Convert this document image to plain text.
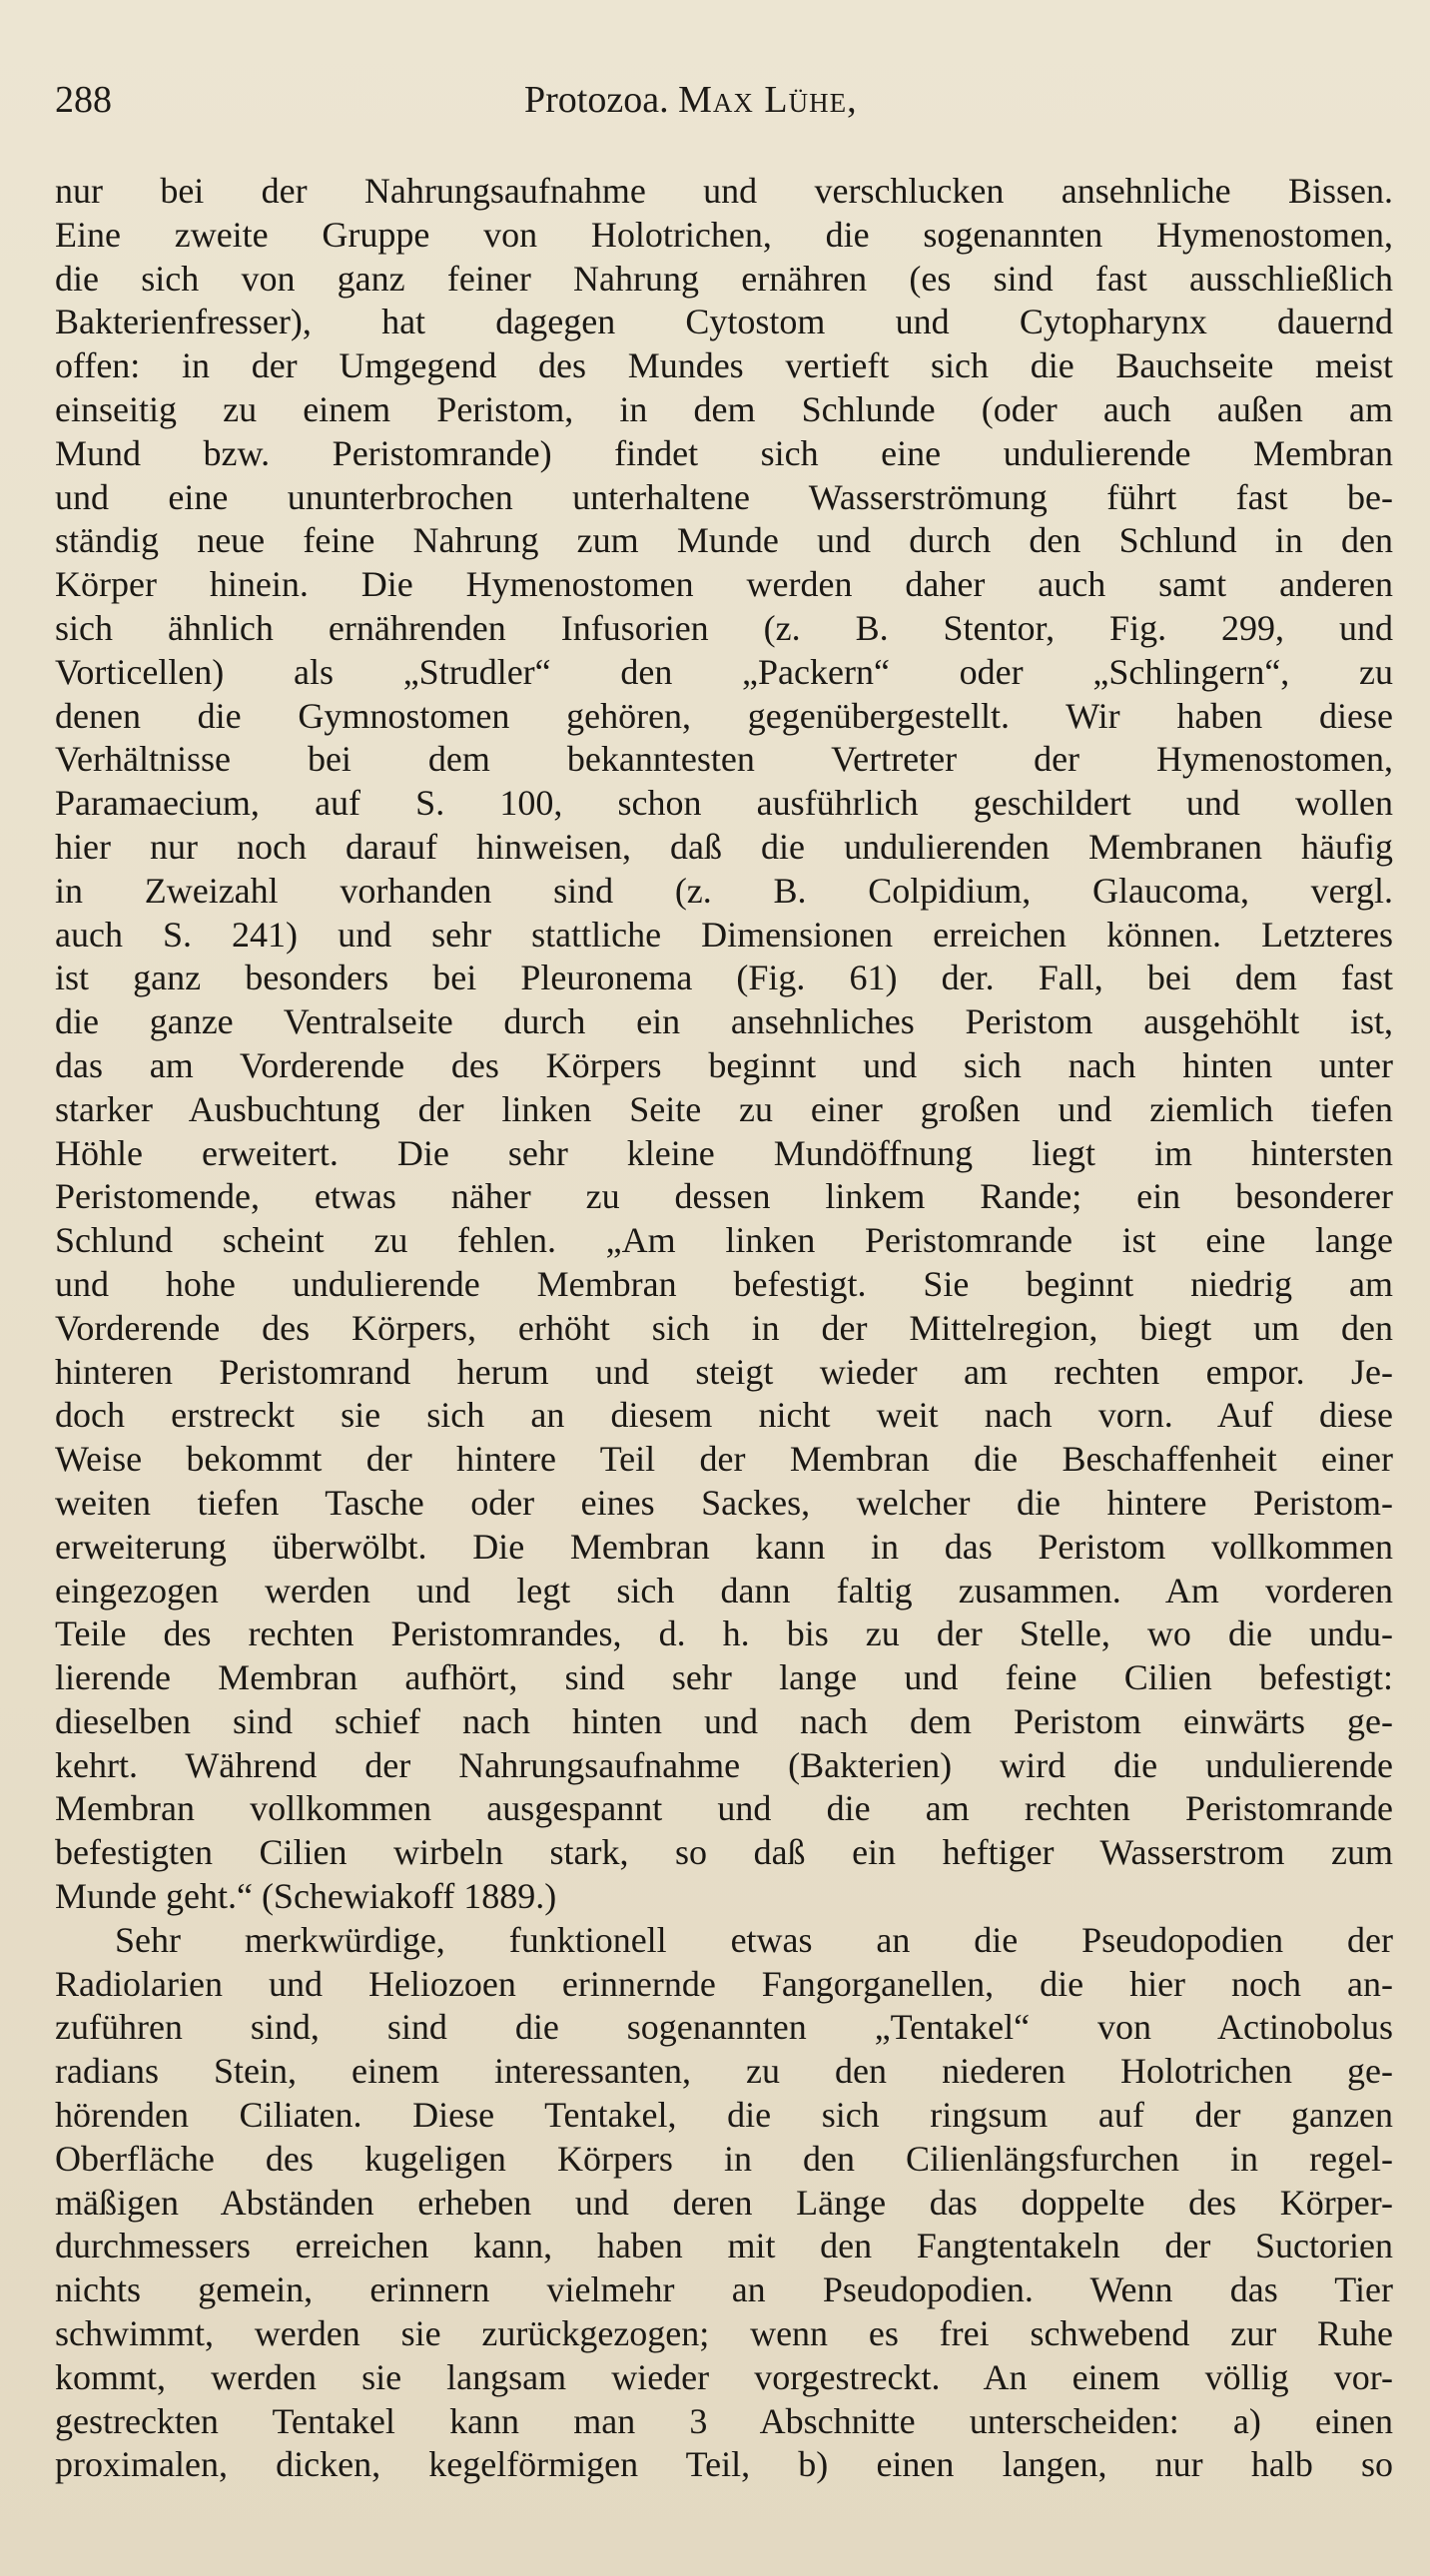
288	Protozoa. Max Lühe,
nur bei der Nahrungsaufnahme und verschlucken ansehnliche Bissen.
Eine zweite Gruppe von Holotrichen, die sogenannten Hymenostomen,
die sich von ganz feiner Nahrung ernähren (es sind fast ausschließlich
Bakterienfresser), hat dagegen Cytostom und Cytopharynx dauernd
offen: in der Umgegend des Mundes vertieft sich die Bauchseite meist
einseitig zu einem Peristom, in dem Schlunde (oder auch außen am
Mund bzw. Peristomrande) findet sich eine undulierende Membran
und eine ununterbrochen unterhaltene Wasserströmung führt fast be-
ständig neue feine Nahrung zum Munde und durch den Schlund in den
Körper hinein. Die Hymenostomen werden daher auch samt anderen
sich ähnlich ernährenden Infusorien (z. B. Stentor, Fig. 299, und
Vorticellen) als „Strudler“ den „Packern“ oder „Schlingern“, zu
denen die Gymnostomen gehören, gegenübergestellt. Wir haben diese
Verhältnisse bei dem bekanntesten Vertreter der Hymenostomen,
Paramaecium, auf S. 100, schon ausführlich geschildert und wollen
hier nur noch darauf hinweisen, daß die undulierenden Membranen häufig
in Zweizahl vorhanden sind (z. B. Colpidium, Glaucoma, vergl.
auch S. 241) und sehr stattliche Dimensionen erreichen können. Letzteres
ist ganz besonders bei Pleuronema (Fig. 61) der. Fall, bei dem fast
die ganze Ventralseite durch ein ansehnliches Peristom ausgehöhlt ist,
das am Vorderende des Körpers beginnt und sich nach hinten unter
starker Ausbuchtung der linken Seite zu einer großen und ziemlich tiefen
Höhle erweitert. Die sehr kleine Mundöffnung liegt im hintersten
Peristomende, etwas näher zu dessen linkem Rande; ein besonderer
Schlund scheint zu fehlen. „Am linken Peristomrande ist eine lange
und hohe undulierende Membran befestigt. Sie beginnt niedrig am
Vorderende des Körpers, erhöht sich in der Mittelregion, biegt um den
hinteren Peristomrand herum und steigt wieder am rechten empor. Je-
doch erstreckt sie sich an diesem nicht weit nach vorn. Auf diese
Weise bekommt der hintere Teil der Membran die Beschaffenheit einer
weiten tiefen Tasche oder eines Sackes, welcher die hintere Peristom-
erweiterung überwölbt. Die Membran kann in das Peristom vollkommen
eingezogen werden und legt sich dann faltig zusammen. Am vorderen
Teile des rechten Peristomrandes, d. h. bis zu der Stelle, wo die undu-
lierende Membran aufhört, sind sehr lange und feine Cilien befestigt:
dieselben sind schief nach hinten und nach dem Peristom einwärts ge-
kehrt. Während der Nahrungsaufnahme (Bakterien) wird die undulierende
Membran vollkommen ausgespannt und die am rechten Peristomrande
befestigten Cilien wirbeln stark, so daß ein heftiger Wasserstrom zum
Munde geht.“ (Schewiakoff 1889.)
Sehr merkwürdige, funktionell etwas an die Pseudopodien der
Radiolarien und Heliozoen erinnernde Fangorganellen, die hier noch an-
zuführen sind, sind die sogenannten „Tentakel“ von Actinobolus
radians Stein, einem interessanten, zu den niederen Holotrichen ge-
hörenden Ciliaten. Diese Tentakel, die sich ringsum auf der ganzen
Oberfläche des kugeligen Körpers in den Cilienlängsfurchen in regel-
mäßigen Abständen erheben und deren Länge das doppelte des Körper-
durchmessers erreichen kann, haben mit den Fangtentakeln der Suctorien
nichts gemein, erinnern vielmehr an Pseudopodien. Wenn das Tier
schwimmt, werden sie zurückgezogen; wenn es frei schwebend zur Ruhe
kommt, werden sie langsam wieder vorgestreckt. An einem völlig vor-
gestreckten Tentakel kann man 3 Abschnitte unterscheiden: a) einen
proximalen, dicken, kegelförmigen Teil, b) einen langen, nur halb so
